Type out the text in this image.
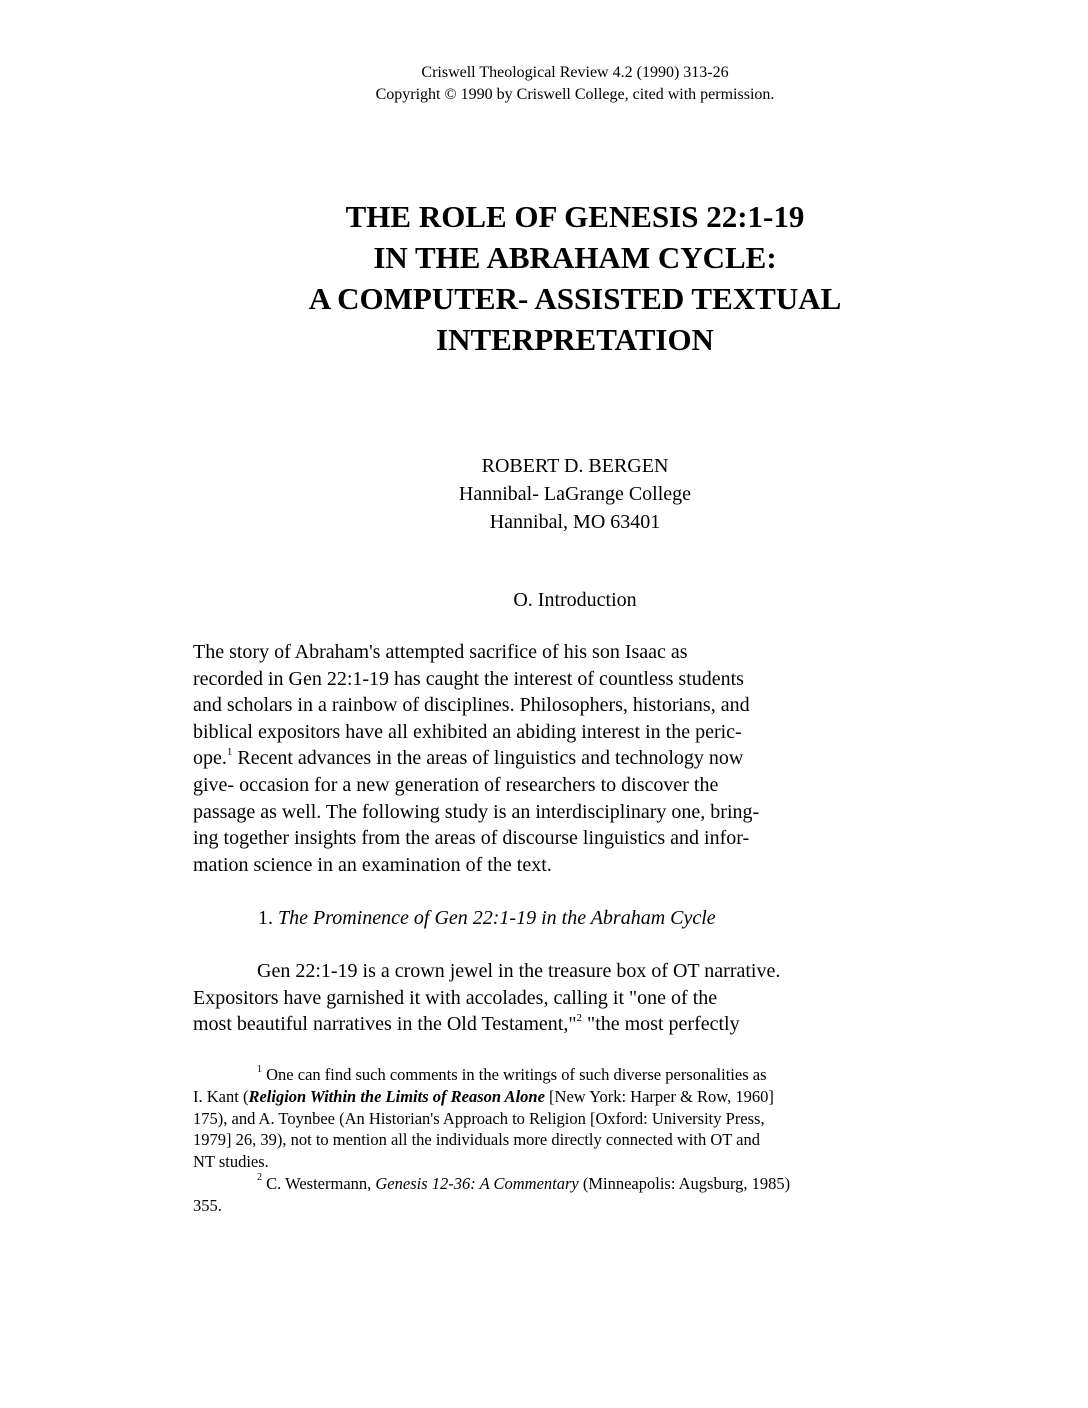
Criswell Theological Review 4.2 (1990) 313-26
Copyright © 1990 by Criswell College, cited with permission.
THE ROLE OF GENESIS 22:1-19
IN THE ABRAHAM CYCLE:
A COMPUTER- ASSISTED TEXTUAL
INTERPRETATION
ROBERT D. BERGEN
Hannibal- LaGrange College
Hannibal, MO 63401
O. Introduction
The story of Abraham's attempted sacrifice of his son Isaac as
recorded in Gen 22:1-19 has caught the interest of countless students
and scholars in a rainbow of disciplines. Philosophers, historians, and
biblical expositors have all exhibited an abiding interest in the peric-
ope.$^1$ Recent advances in the areas of linguistics and technology now
give- occasion for a new generation of researchers to discover the
passage as well. The following study is an interdisciplinary one, bring-
ing together insights from the areas of discourse linguistics and infor-
mation science in an examination of the text.
1. The Prominence of Gen 22:1-19 in the Abraham Cycle
Gen 22:1-19 is a crown jewel in the treasure box of OT narrative.
Expositors have garnished it with accolades, calling it "one of the
most beautiful narratives in the Old Testament,"$^2$ "the most perfectly
$^1$ One can find such comments in the writings of such diverse personalities as
I. Kant (Religion Within the Limits of Reason Alone [New York: Harper & Row, 1960]
175), and A. Toynbee (An Historian's Approach to Religion [Oxford: University Press,
1979] 26, 39), not to mention all the individuals more directly connected with OT and
NT studies.
$^2$ C. Westermann, Genesis 12-36: A Commentary (Minneapolis: Augsburg, 1985)
355.
